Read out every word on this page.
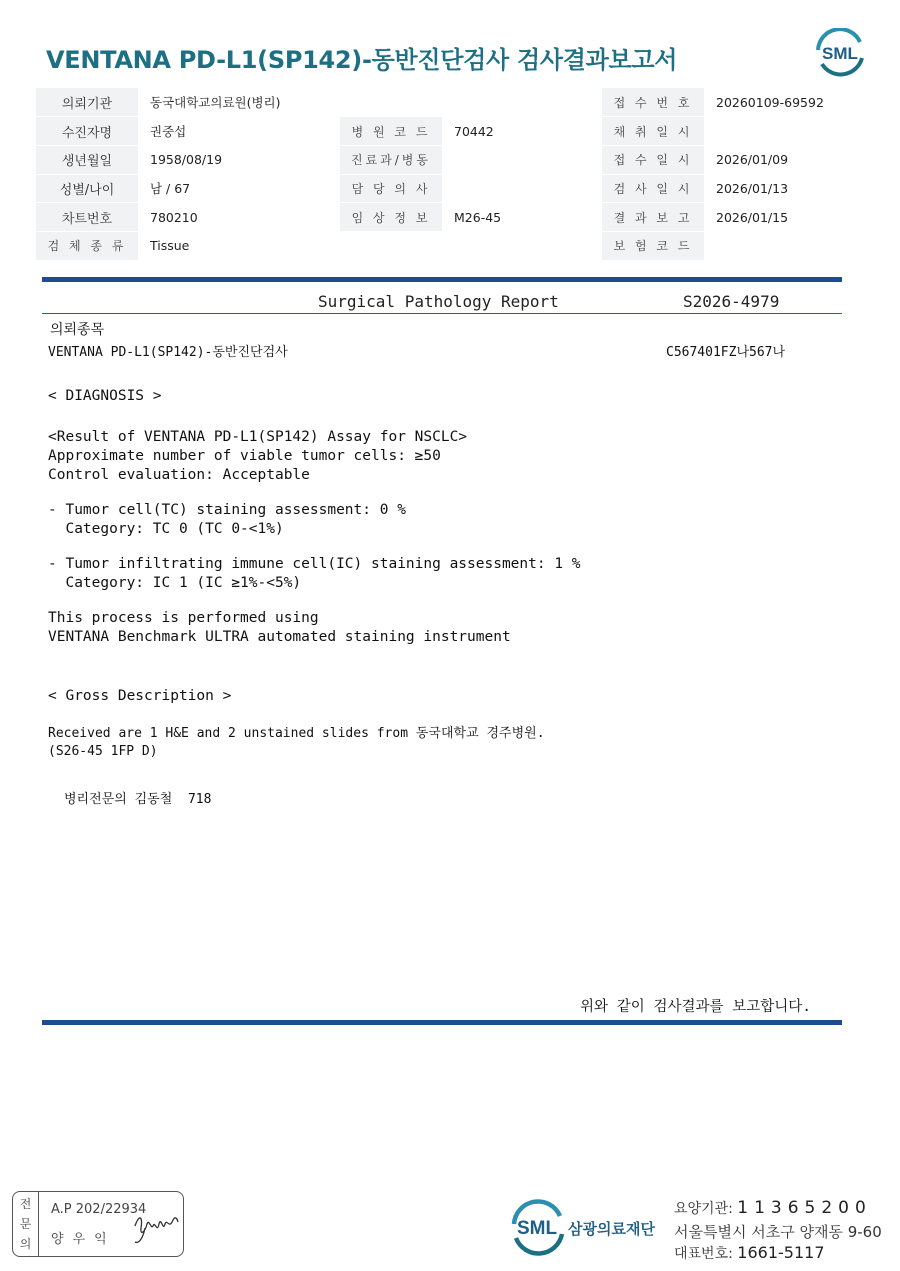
VENTANA PD-L1(SP142)-동반진단검사 검사결과보고서	SML
의뢰기관	동국대학교의료원(병리)			접 수 번 호	20260109-69592
수진자명	권중섭	병 원 코 드	70442	채 취 일 시	
생년월일	1958/08/19	진료과/병동		접 수 일 시	2026/01/09
성별/나이	남 / 67	담 당 의 사		검 사 일 시	2026/01/13
차트번호	780210	임 상 정 보	M26-45	결 과 보 고	2026/01/15
검 체 종 류	Tissue			보 험 코 드	
Surgical Pathology Report	S2026-4979
의뢰종목
VENTANA PD-L1(SP142)-동반진단검사	C567401FZ나567나
< DIAGNOSIS >
<Result of VENTANA PD-L1(SP142) Assay for NSCLC>
Approximate number of viable tumor cells: ≥50
Control evaluation: Acceptable
- Tumor cell(TC) staining assessment: 0 %
Category: TC 0 (TC 0-<1%)
- Tumor infiltrating immune cell(IC) staining assessment: 1 %
Category: IC 1 (IC ≥1%-<5%)
This process is performed using
VENTANA Benchmark ULTRA automated staining instrument
< Gross Description >
Received are 1 H&E and 2 unstained slides from 동국대학교 경주병원.
(S26-45 1FP D)
병리전문의 김동철  718
위와 같이 검사결과를 보고합니다.
전
문
의
A.P 202/22934
양우익
SML 삼광의료재단
요양기관: 11365200
서울특별시 서초구 양재동 9-60
대표번호: 1661-5117
